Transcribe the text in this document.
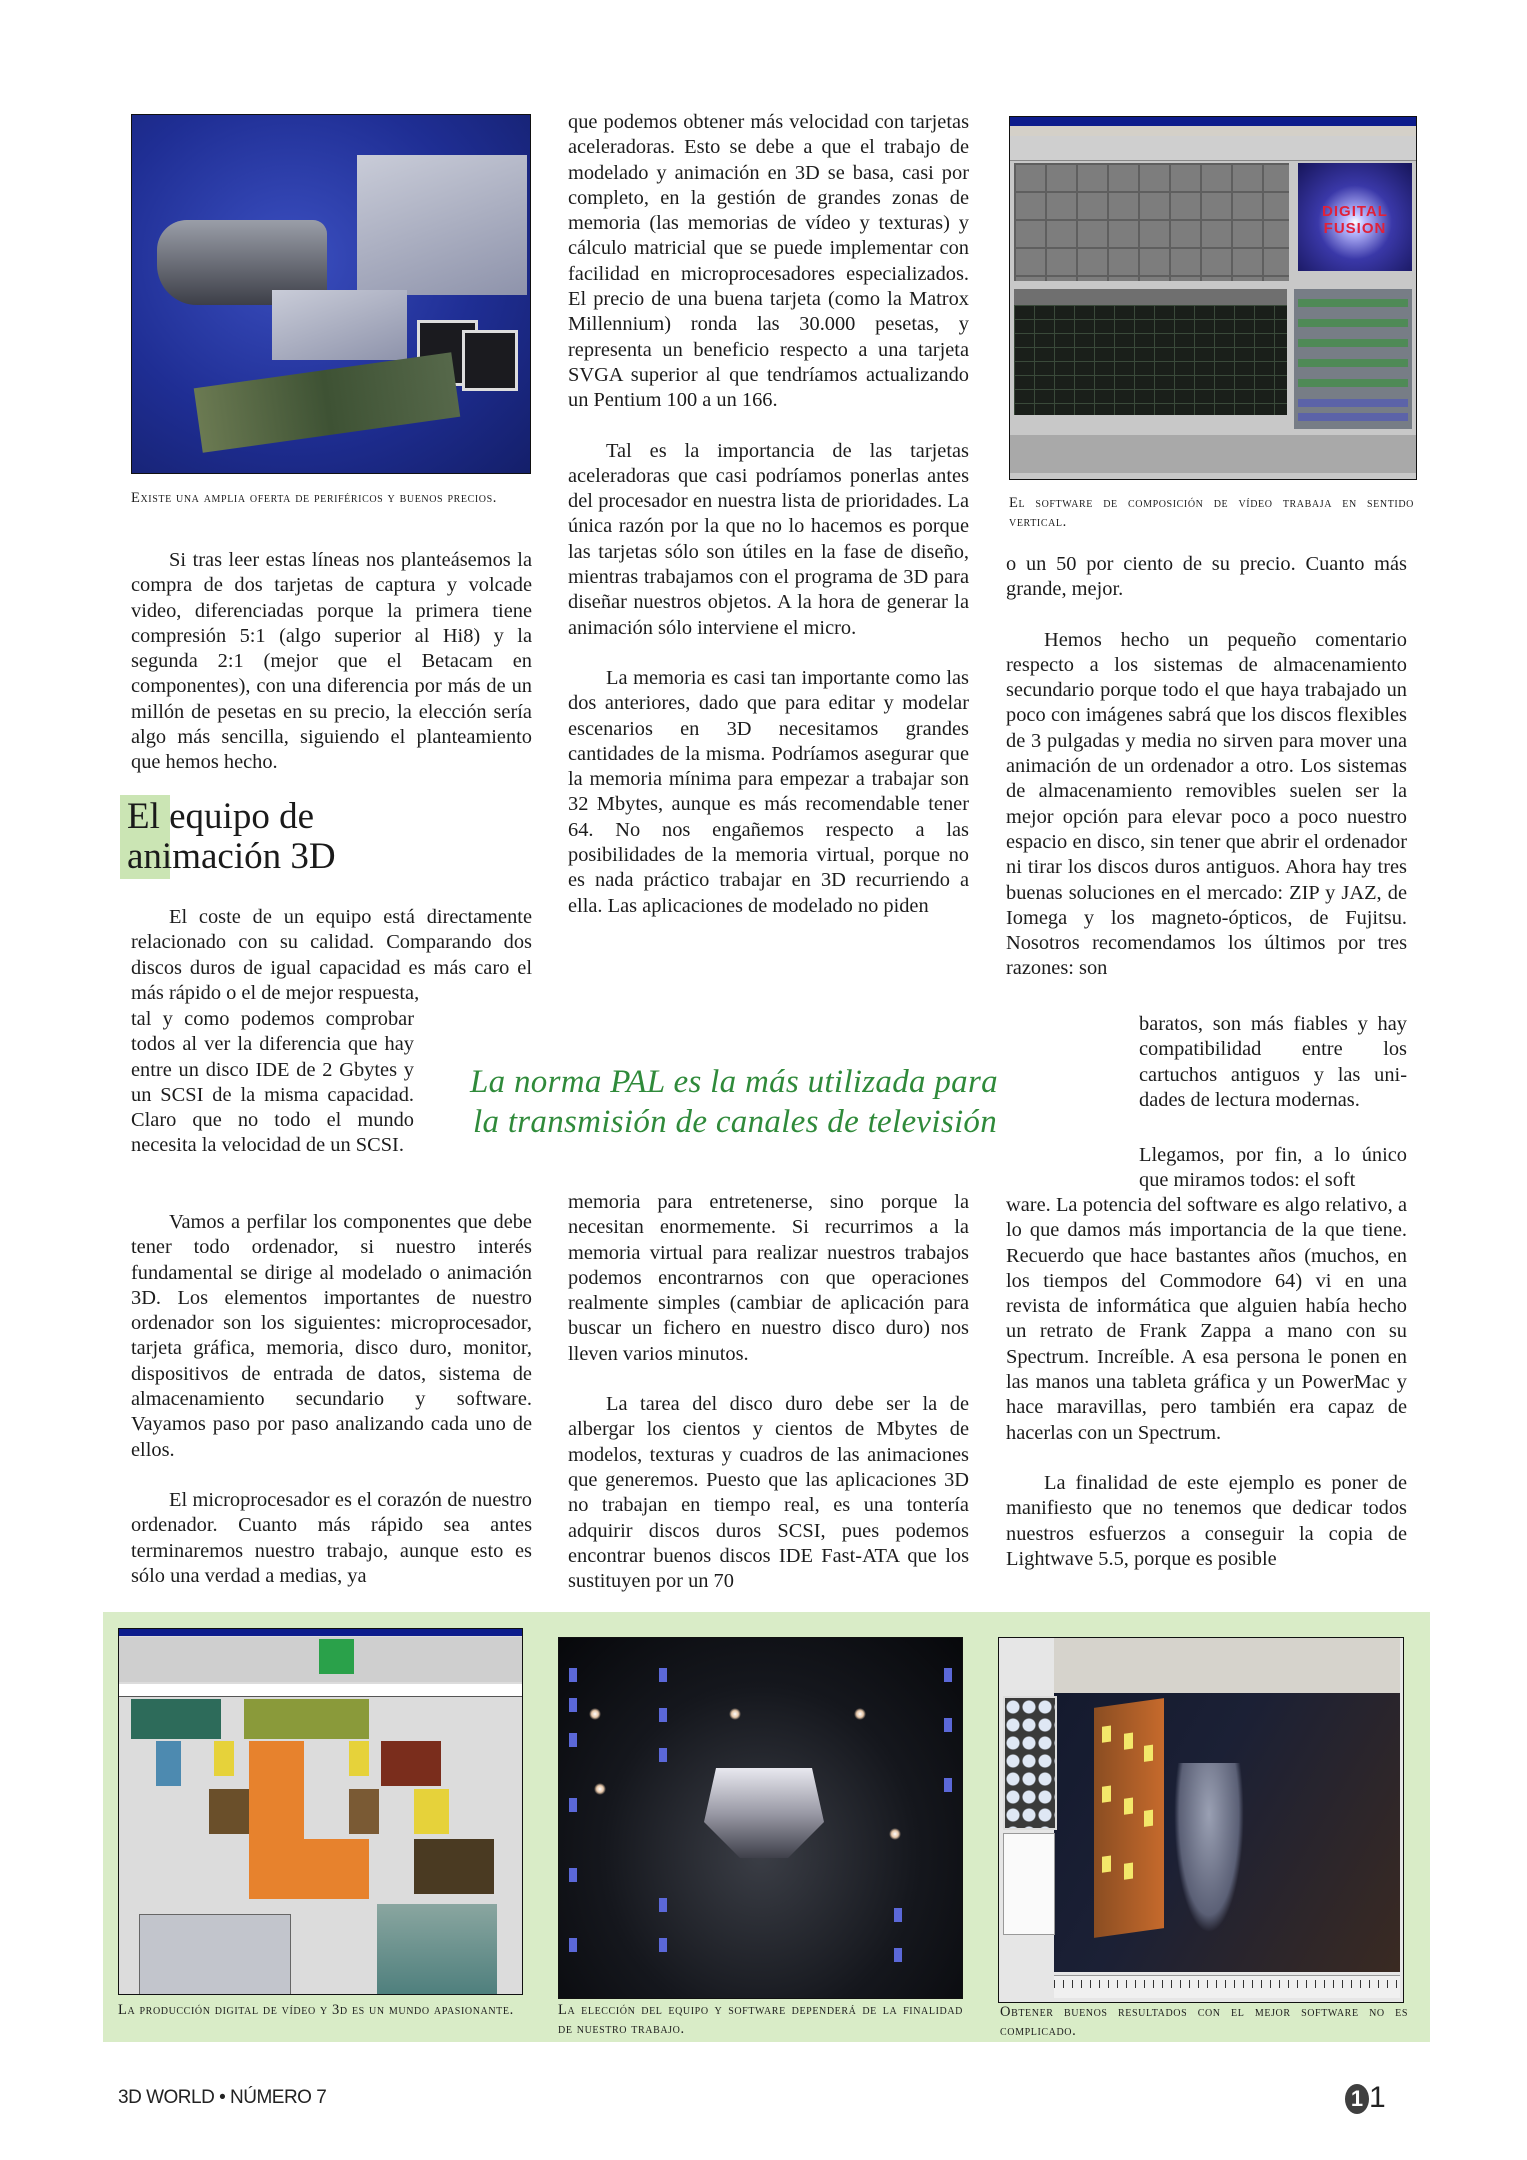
Existe una amplia oferta de periféricos y buenos precios.

Si tras leer estas líneas nos planteásemos la compra de dos tarjetas de captura y volcade video, diferenciadas porque la primera tiene compresión 5:1 (algo superior al Hi8) y la segunda 2:1 (mejor que el Betacam en componentes), con una diferencia por más de un millón de pesetas en su precio, la elección sería algo más sencilla, siguiendo el planteamiento que hemos hecho.

El equipo de
animación 3D

El coste de un equipo está directamente relacionado con su calidad. Comparando dos discos duros de igual capacidad es más caro el más rápido o el de mejor respuesta,

tal y como podemos comprobar todos al ver la diferencia que hay entre un disco IDE de 2 Gbytes y un SCSI de la misma capacidad. Claro que no todo el mundo necesita la velocidad de un SCSI.

Vamos a perfilar los componentes que debe tener todo ordenador, si nuestro interés fundamental se dirige al modelado o animación 3D. Los elementos importantes de nuestro ordenador son los siguientes: microprocesador, tarjeta gráfica, memoria, disco duro, monitor, dispositivos de entrada de datos, sistema de almacenamiento secundario y software. Vayamos paso por paso analizando cada uno de ellos.

El microprocesador es el corazón de nuestro ordenador. Cuanto más rápido sea antes terminaremos nuestro trabajo, aunque esto es sólo una verdad a medias, ya

que podemos obtener más velocidad con tarjetas aceleradoras. Esto se debe a que el trabajo de modelado y animación en 3D se basa, casi por completo, en la gestión de grandes zonas de memoria (las memorias de vídeo y texturas) y cálculo matricial que se puede implementar con facilidad en microprocesadores especializados. El precio de una buena tarjeta (como la Matrox Millennium) ronda las 30.000 pesetas, y representa un beneficio respecto a una tarjeta SVGA superior al que tendríamos actualizando un Pentium 100 a un 166.

Tal es la importancia de las tarjetas aceleradoras que casi podríamos ponerlas antes del procesador en nuestra lista de prioridades. La única razón por la que no lo hacemos es porque las tarjetas sólo son útiles en la fase de diseño, mientras trabajamos con el programa de 3D para diseñar nuestros objetos. A la hora de generar la animación sólo interviene el micro.

La memoria es casi tan importante como las dos anteriores, dado que para editar y modelar escenarios en 3D necesitamos grandes cantidades de la misma. Podríamos asegurar que la memoria mínima para empezar a trabajar son 32 Mbytes, aunque es más recomendable tener 64. No nos engañemos respecto a las posibilidades de la memoria virtual, porque no es nada práctico trabajar en 3D recurriendo a ella. Las aplicaciones de modelado no piden

La norma PAL es la más utilizada para
la transmisión de canales de televisión

memoria para entretenerse, sino porque la necesitan enormemente. Si recurrimos a la memoria virtual para realizar nuestros trabajos podemos encontrarnos con que operaciones realmente simples (cambiar de aplicación para buscar un fichero en nuestro disco duro) nos lleven varios minutos.

La tarea del disco duro debe ser la de albergar los cientos y cientos de Mbytes de modelos, texturas y cuadros de las animaciones que generemos. Puesto que las aplicaciones 3D no trabajan en tiempo real, es una tontería adquirir discos duros SCSI, pues podemos encontrar buenos discos IDE Fast-ATA que los sustituyen por un 70

DIGITAL FUSION
El software de composición de vídeo trabaja en sentido vertical.

o un 50 por ciento de su precio. Cuanto más grande, mejor.

Hemos hecho un pequeño comentario respecto a los sistemas de almacenamiento secundario porque todo el que haya trabajado un poco con imágenes sabrá que los discos flexibles de 3 pulgadas y media no sirven para mover una animación de un ordenador a otro. Los sistemas de almacenamiento removibles suelen ser la mejor opción para elevar poco a poco nuestro espacio en disco, sin tener que abrir el ordenador ni tirar los discos duros antiguos. Ahora hay tres buenas soluciones en el mercado: ZIP y JAZ, de Iomega y los magneto-ópticos, de Fujitsu. Nosotros recomendamos los últimos por tres razones: son

baratos, son más fiables y hay compatibilidad entre los cartuchos antiguos y las unidades de lectura modernas.

Llegamos, por fin, a lo único que miramos todos: el soft

ware. La potencia del software es algo relativo, a lo que damos más importancia de la que tiene. Recuerdo que hace bastantes años (muchos, en los tiempos del Commodore 64) vi en una revista de informática que alguien había hecho un retrato de Frank Zappa a mano con su Spectrum. Increíble. A esa persona le ponen en las manos una tableta gráfica y un PowerMac y hace maravillas, pero también era capaz de hacerlas con un Spectrum.

La finalidad de este ejemplo es poner de manifiesto que no tenemos que dedicar todos nuestros esfuerzos a conseguir la copia de Lightwave 5.5, porque es posible

La producción digital de vídeo y 3d es un mundo apasionante.	la elección del equipo y software dependerá de la finalidad de nuestro trabajo.
Obtener buenos resultados con el mejor software no es complicado.
3D WORLD • NÚMERO 7	1 1
